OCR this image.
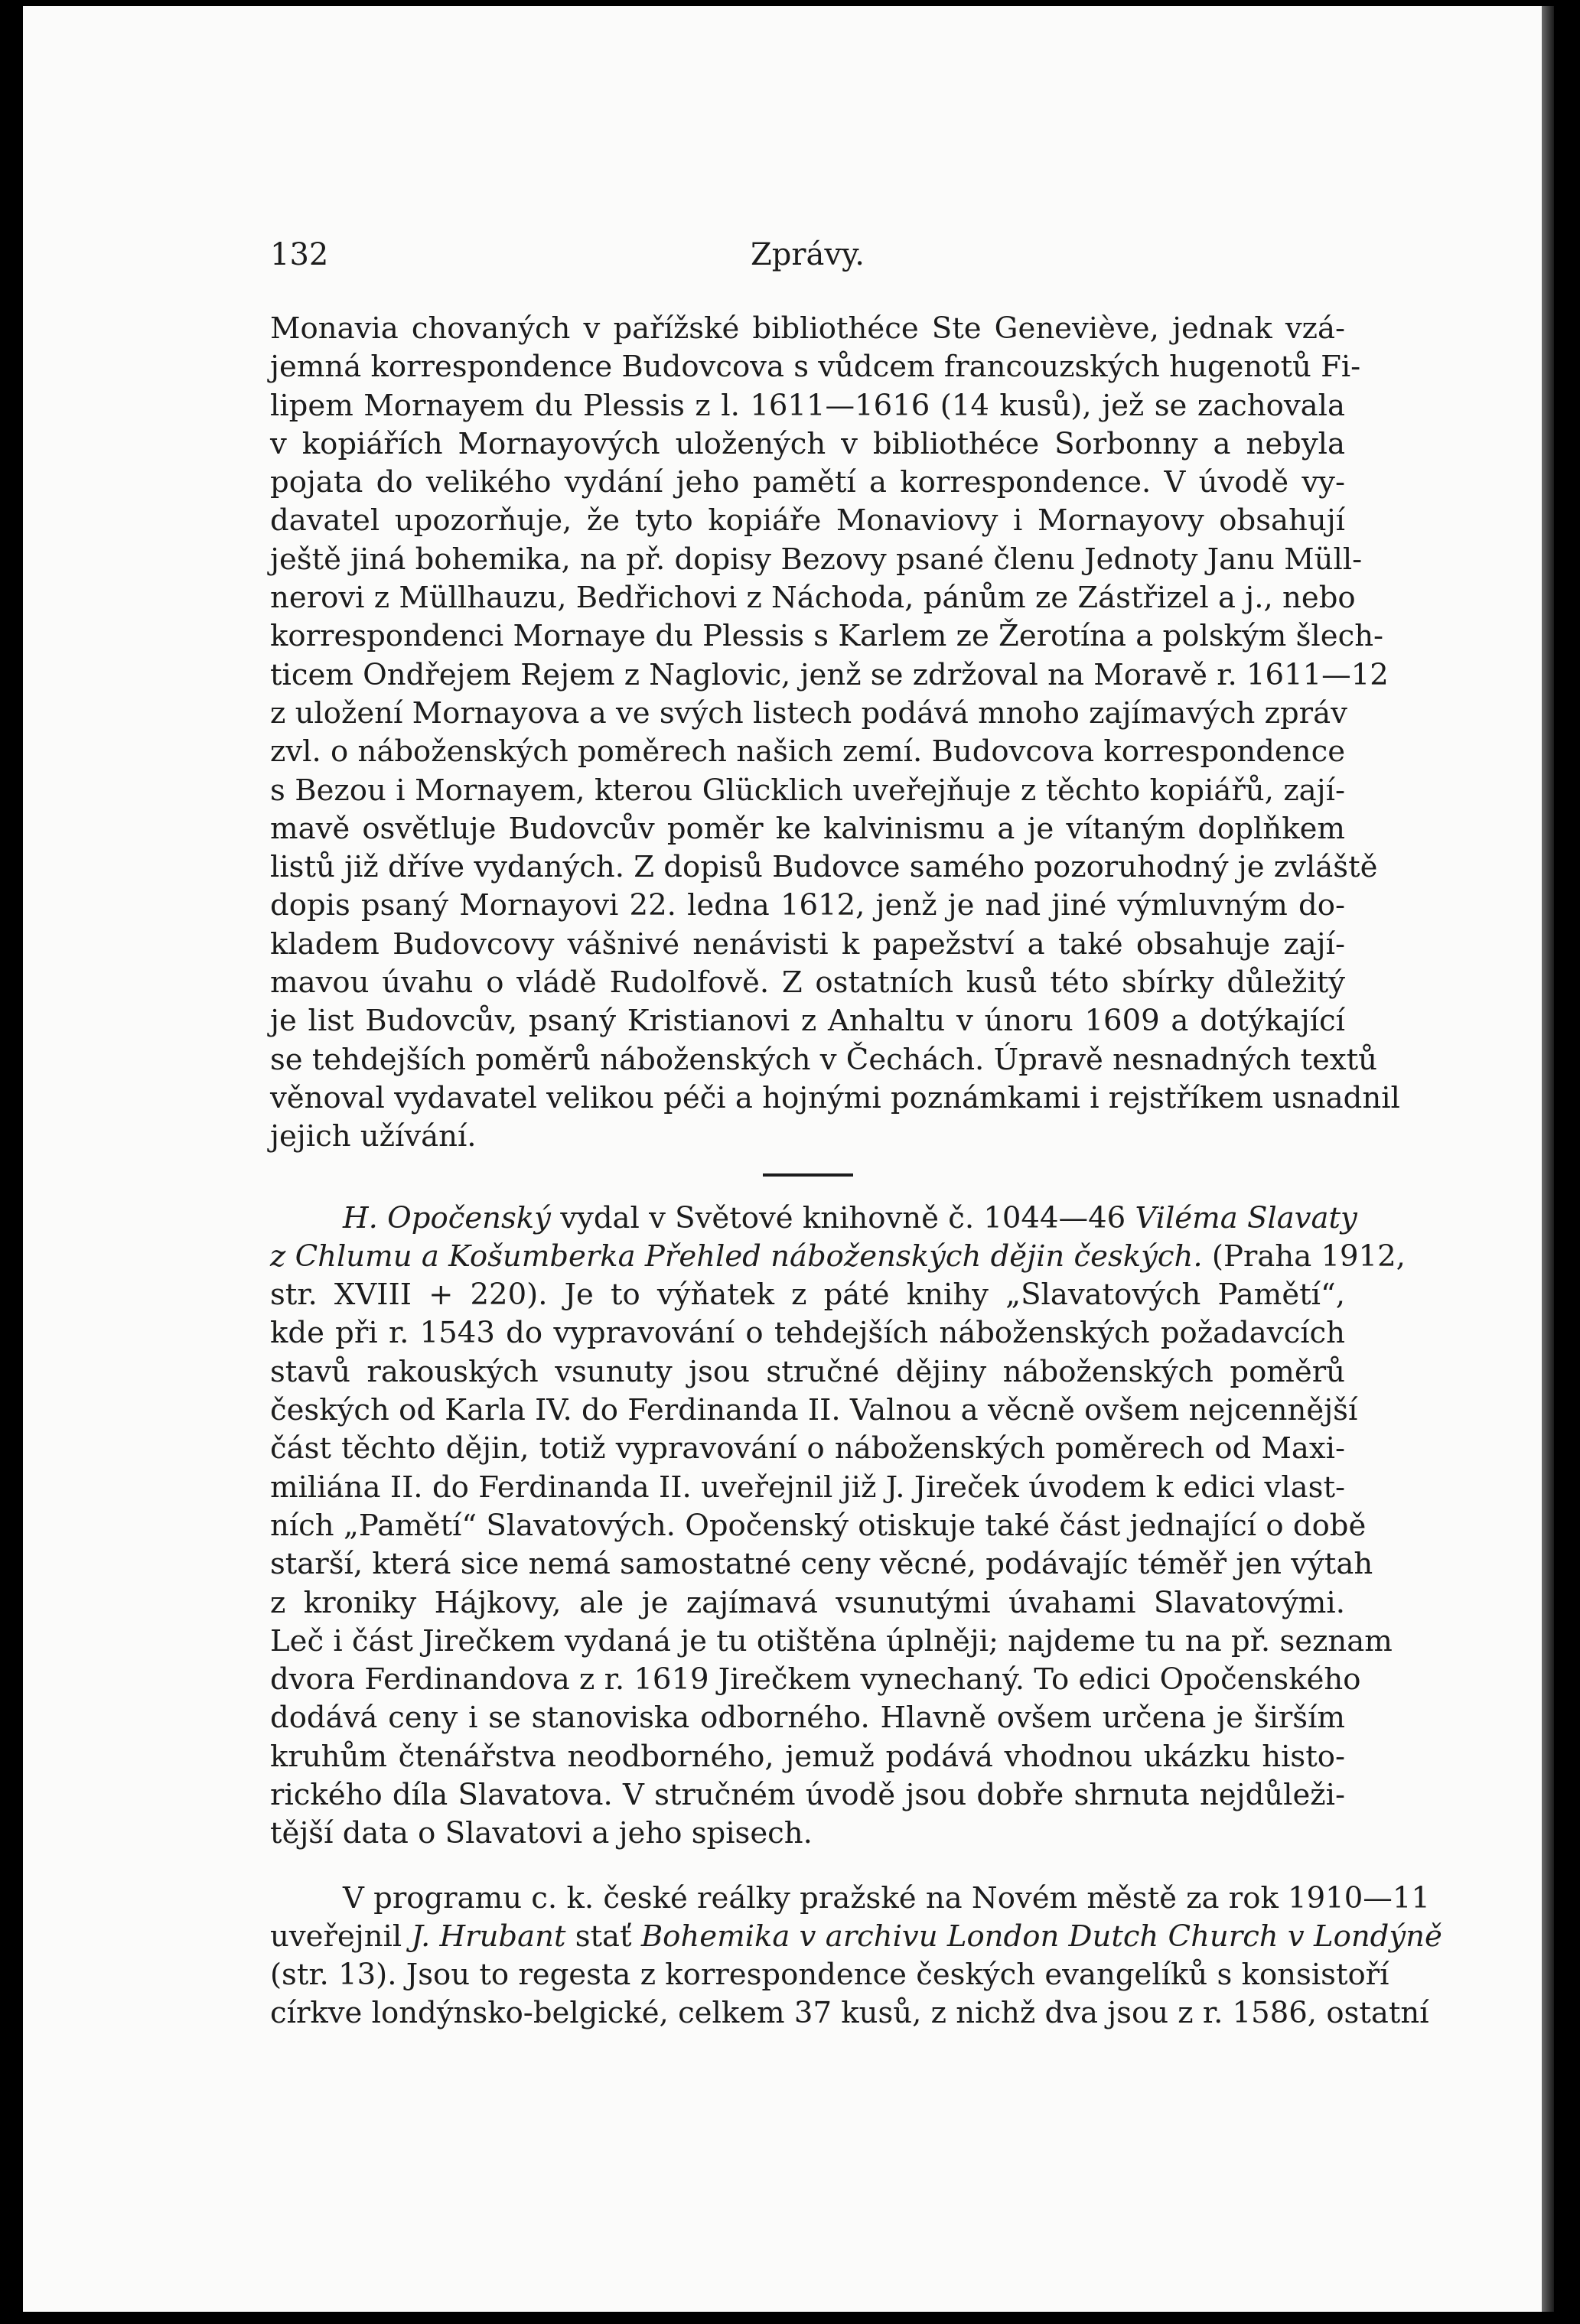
132	Zprávy.
Monavia chovaných v pařížské bibliothéce Ste Geneviève, jednak vzá-
jemná korrespondence Budovcova s vůdcem francouzských hugenotů Fi-
lipem Mornayem du Plessis z l. 1611—1616 (14 kusů), jež se zachovala
v kopiářích Mornayových uložených v bibliothéce Sorbonny a nebyla
pojata do velikého vydání jeho pamětí a korrespondence. V úvodě vy-
davatel upozorňuje, že tyto kopiáře Monaviovy i Mornayovy obsahují
ještě jiná bohemika, na př. dopisy Bezovy psané členu Jednoty Janu Müll-
nerovi z Müllhauzu, Bedřichovi z Náchoda, pánům ze Zástřizel a j., nebo
korrespondenci Mornaye du Plessis s Karlem ze Žerotína a polským šlech-
ticem Ondřejem Rejem z Naglovic, jenž se zdržoval na Moravě r. 1611—12
z uložení Mornayova a ve svých listech podává mnoho zajímavých zpráv
zvl. o náboženských poměrech našich zemí. Budovcova korrespondence
s Bezou i Mornayem, kterou Glücklich uveřejňuje z těchto kopiářů, zají-
mavě osvětluje Budovcův poměr ke kalvinismu a je vítaným doplňkem
listů již dříve vydaných. Z dopisů Budovce samého pozoruhodný je zvláště
dopis psaný Mornayovi 22. ledna 1612, jenž je nad jiné výmluvným do-
kladem Budovcovy vášnivé nenávisti k papežství a také obsahuje zají-
mavou úvahu o vládě Rudolfově. Z ostatních kusů této sbírky důležitý
je list Budovcův, psaný Kristianovi z Anhaltu v únoru 1609 a dotýkající
se tehdejších poměrů náboženských v Čechách. Úpravě nesnadných textů
věnoval vydavatel velikou péči a hojnými poznámkami i rejstříkem usnadnil
jejich užívání.
H. Opočenský vydal v Světové knihovně č. 1044—46 Viléma Slavaty
z Chlumu a Košumberka Přehled náboženských dějin českých. (Praha 1912,
str. XVIII + 220). Je to výňatek z páté knihy „Slavatových Pamětí“,
kde při r. 1543 do vypravování o tehdejších náboženských požadavcích
stavů rakouských vsunuty jsou stručné dějiny náboženských poměrů
českých od Karla IV. do Ferdinanda II. Valnou a věcně ovšem nejcennější
část těchto dějin, totiž vypravování o náboženských poměrech od Maxi-
miliána II. do Ferdinanda II. uveřejnil již J. Jireček úvodem k edici vlast-
ních „Pamětí“ Slavatových. Opočenský otiskuje také část jednající o době
starší, která sice nemá samostatné ceny věcné, podávajíc téměř jen výtah
z kroniky Hájkovy, ale je zajímavá vsunutými úvahami Slavatovými.
Leč i část Jirečkem vydaná je tu otištěna úplněji; najdeme tu na př. seznam
dvora Ferdinandova z r. 1619 Jirečkem vynechaný. To edici Opočenského
dodává ceny i se stanoviska odborného. Hlavně ovšem určena je širším
kruhům čtenářstva neodborného, jemuž podává vhodnou ukázku histo-
rického díla Slavatova. V stručném úvodě jsou dobře shrnuta nejdůleži-
tější data o Slavatovi a jeho spisech.
V programu c. k. české reálky pražské na Novém městě za rok 1910—11
uveřejnil J. Hrubant stať Bohemika v archivu London Dutch Church v Londýně
(str. 13). Jsou to regesta z korrespondence českých evangelíků s konsistoří
církve londýnsko-belgické, celkem 37 kusů, z nichž dva jsou z r. 1586, ostatní
